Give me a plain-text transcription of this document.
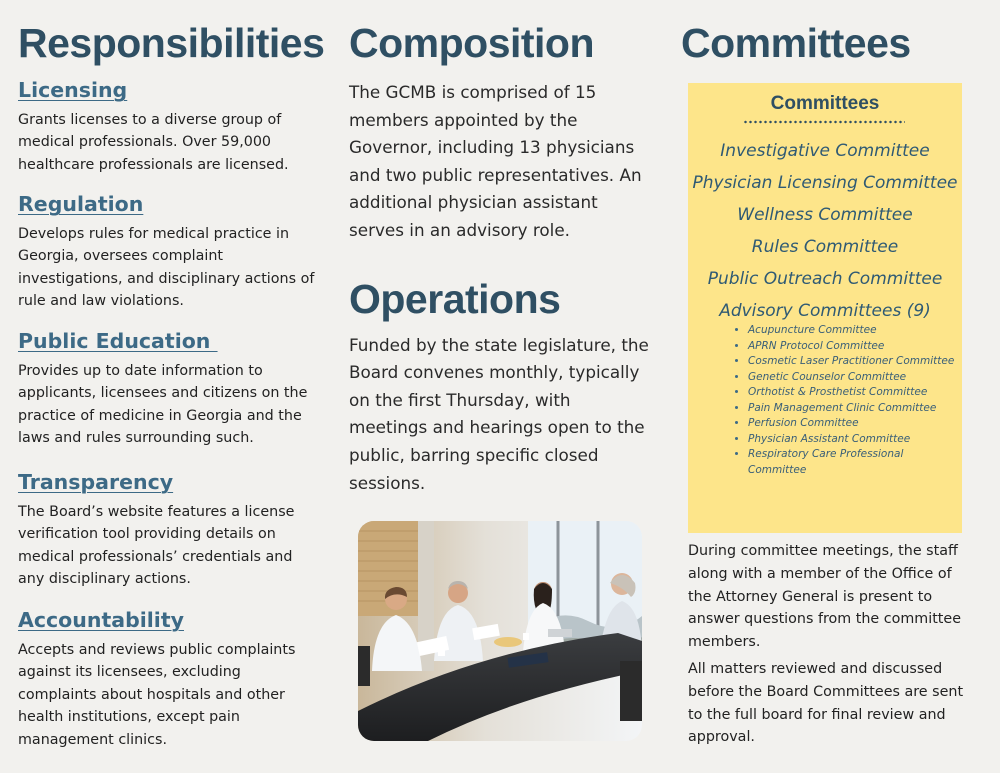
Responsibilities
Licensing

Grants licenses to a diverse group of medical professionals. Over 59,000 healthcare professionals are licensed.

Regulation

Develops rules for medical practice in Georgia, oversees complaint investigations, and disciplinary actions of rule and law violations.

Public Education

Provides up to date information to applicants, licensees and citizens on the practice of medicine in Georgia and the laws and rules surrounding such.

Transparency

The Board’s website features a license verification tool providing details on medical professionals’ credentials and any disciplinary actions.

Accountability

Accepts and reviews public complaints against its licensees, excluding complaints about hospitals and other health institutions, except pain management clinics.

Composition

The GCMB is comprised of 15 members appointed by the Governor, including 13 physicians and two public representatives. An additional physician assistant serves in an advisory role.

Operations

Funded by the state legislature, the Board convenes monthly, typically on the first Thursday, with meetings and hearings open to the public, barring specific closed sessions.

Committees
Committees
Investigative Committee
Physician Licensing Committee
Wellness Committee
Rules Committee
Public Outreach Committee
Advisory Committees (9)
• Acupuncture Committee
• APRN Protocol Committee
• Cosmetic Laser Practitioner Committee
• Genetic Counselor Committee
• Orthotist & Prosthetist Committee
• Pain Management Clinic Committee
• Perfusion Committee
• Physician Assistant Committee
• Respiratory Care Professional Committee

During committee meetings, the staff along with a member of the Office of the Attorney General is present to answer questions from the committee members.

All matters reviewed and discussed before the Board Committees are sent to the full board for final review and approval.
